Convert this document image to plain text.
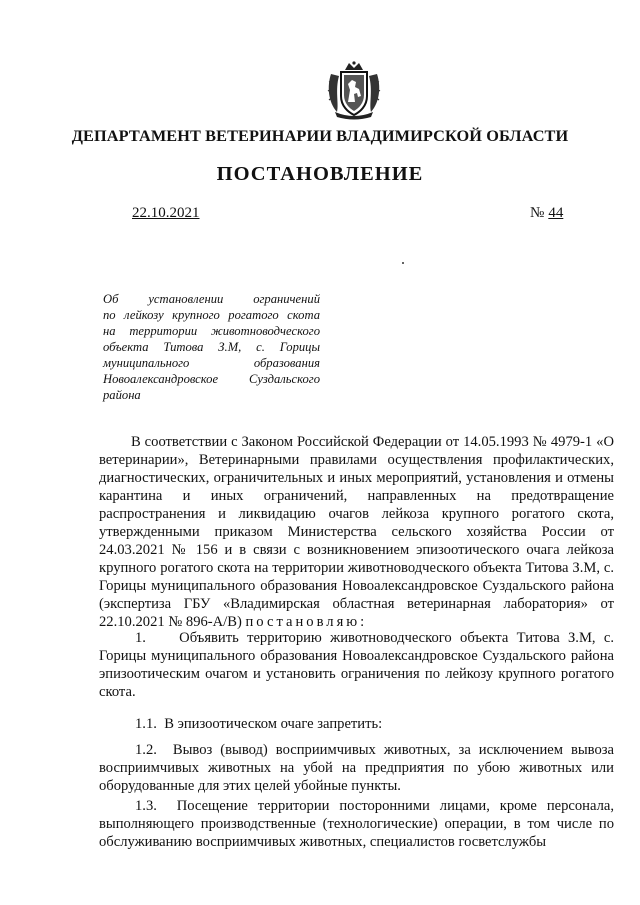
ДЕПАРТАМЕНТ ВЕТЕРИНАРИИ ВЛАДИМИРСКОЙ ОБЛАСТИ
ПОСТАНОВЛЕНИЕ
22.10.2021	№ 44
Об установлении ограничений
по лейкозу крупного рогатого скота
на территории животноводческого
объекта Титова З.М, с. Горицы
муниципального образования
Новоалександровское Суздальского
района
В соответствии с Законом Российской Федерации от 14.05.1993 № 4979-1 «О ветеринарии», Ветеринарными правилами осуществления профилактических, диагностических, ограничительных и иных мероприятий, установления и отмены карантина и иных ограничений, направленных на предотвращение распространения и ликвидацию очагов лейкоза крупного рогатого скота, утвержденными приказом Министерства сельского хозяйства России от 24.03.2021 № 156 и в связи с возникновением эпизоотического очага лейкоза крупного рогатого скота на территории животноводческого объекта Титова З.М, с. Горицы муниципального образования Новоалександровское Суздальского района (экспертиза ГБУ «Владимирская областная ветеринарная лаборатория» от 22.10.2021 № 896-А/В) постановляю:
1.    Объявить территорию животноводческого объекта Титова З.М, с. Горицы муниципального образования Новоалександровское Суздальского района эпизоотическим очагом и установить ограничения по лейкозу крупного рогатого скота.
1.1.  В эпизоотическом очаге запретить:
1.2.  Вывоз (вывод) восприимчивых животных, за исключением вывоза восприимчивых животных на убой на предприятия по убою животных или оборудованные для этих целей убойные пункты.
1.3.  Посещение территории посторонними лицами, кроме персонала, выполняющего производственные (технологические) операции, в том числе по обслуживанию восприимчивых животных, специалистов госветслужбы
